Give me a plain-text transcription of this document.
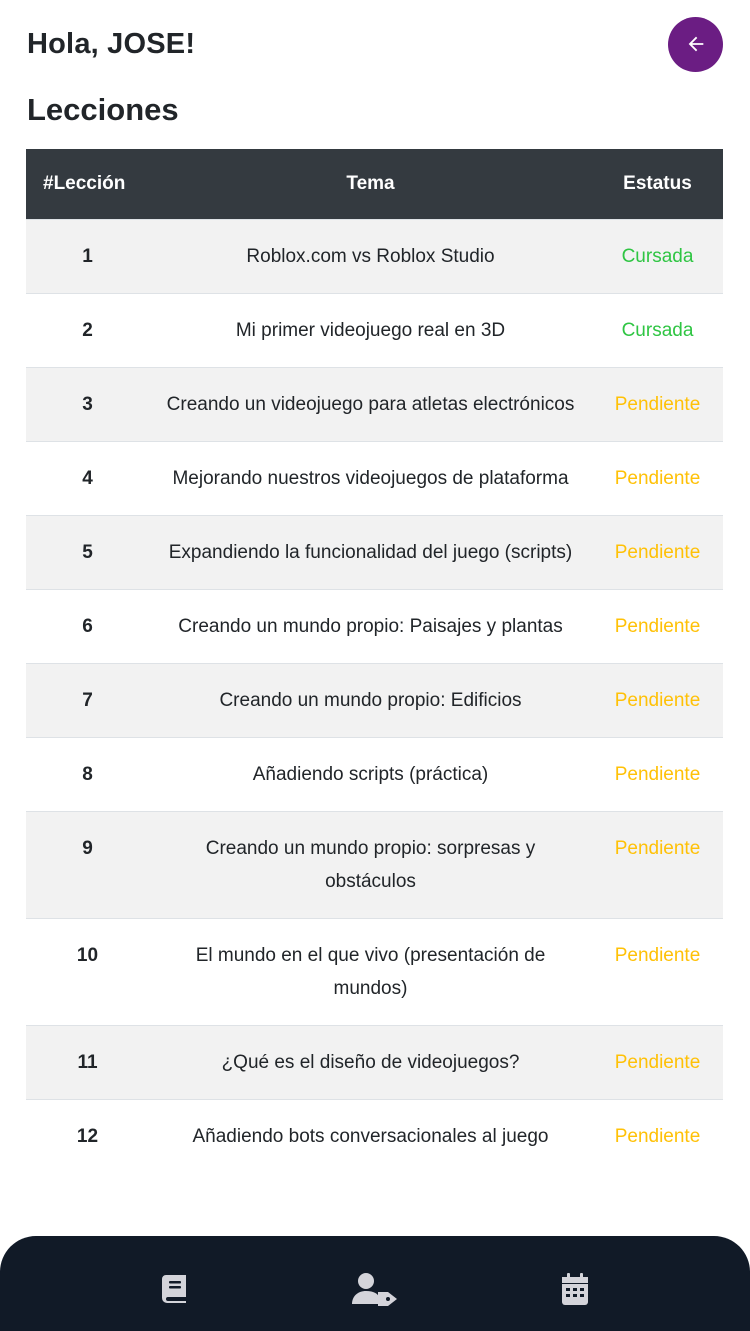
Hola, JOSE!
Lecciones
#Lección	Tema	Estatus
1	Roblox.com vs Roblox Studio	Cursada
2	Mi primer videojuego real en 3D	Cursada
3	Creando un videojuego para atletas electrónicos	Pendiente
4	Mejorando nuestros videojuegos de plataforma	Pendiente
5	Expandiendo la funcionalidad del juego (scripts)	Pendiente
6	Creando un mundo propio: Paisajes y plantas	Pendiente
7	Creando un mundo propio: Edificios	Pendiente
8	Añadiendo scripts (práctica)	Pendiente
9	Creando un mundo propio: sorpresas y obstáculos	Pendiente
10	El mundo en el que vivo (presentación de mundos)	Pendiente
11	¿Qué es el diseño de videojuegos?	Pendiente
12	Añadiendo bots conversacionales al juego	Pendiente
